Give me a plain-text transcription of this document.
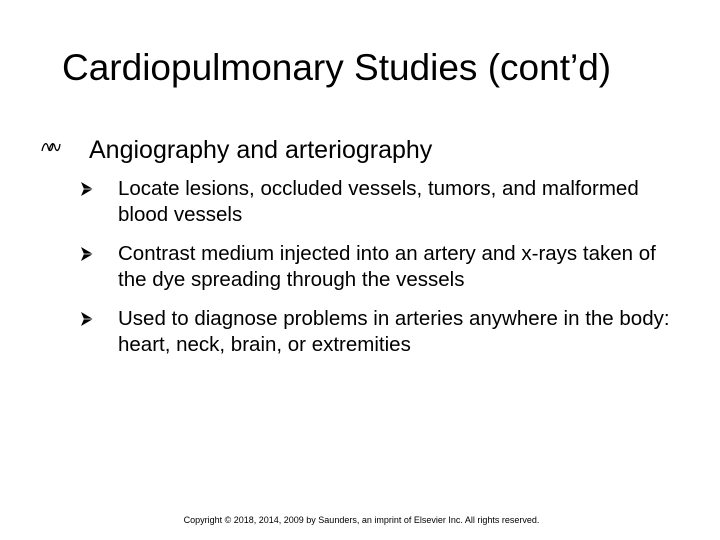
Cardiopulmonary Studies (cont’d)
Angiography and arteriography
Locate lesions, occluded vessels, tumors, and malformed blood vessels
Contrast medium injected into an artery and x-rays taken of the dye spreading through the vessels
Used to diagnose problems in arteries anywhere in the body: heart, neck, brain, or extremities
Copyright © 2018, 2014, 2009 by Saunders, an imprint of Elsevier Inc. All rights reserved.
